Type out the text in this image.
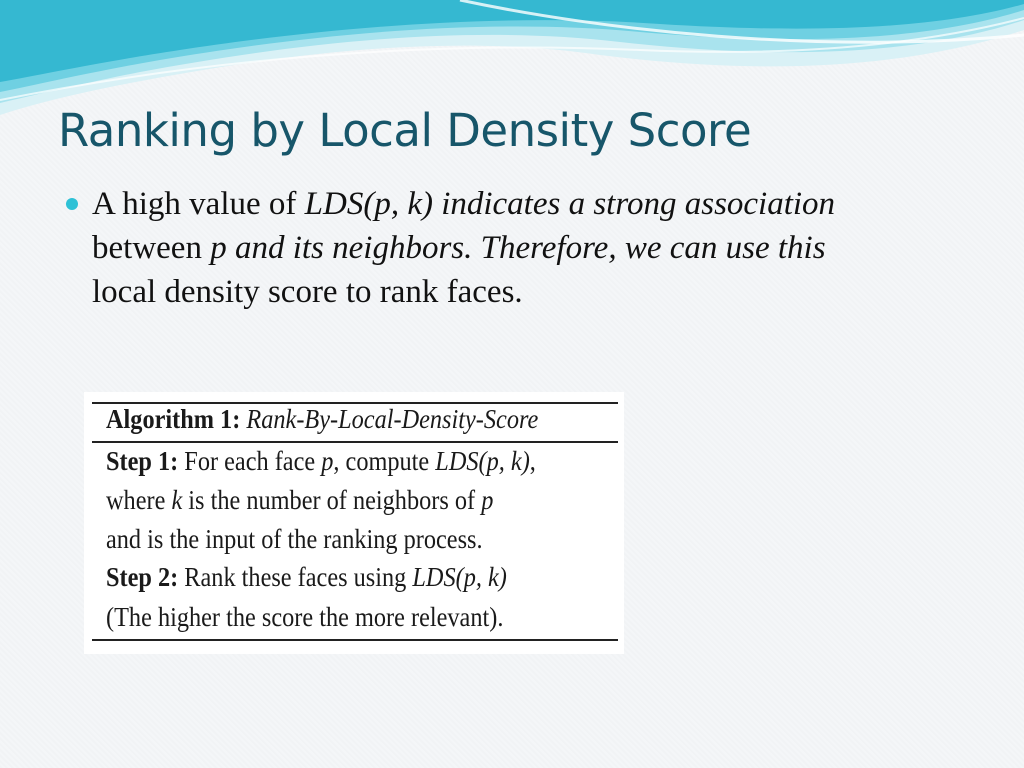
Ranking by Local Density Score
A high value of LDS(p, k) indicates a strong association
between p and its neighbors. Therefore, we can use this
local density score to rank faces.
Algorithm 1: Rank-By-Local-Density-Score
Step 1: For each face p, compute LDS(p, k),
where k is the number of neighbors of p
and is the input of the ranking process.
Step 2: Rank these faces using LDS(p, k)
(The higher the score the more relevant).
